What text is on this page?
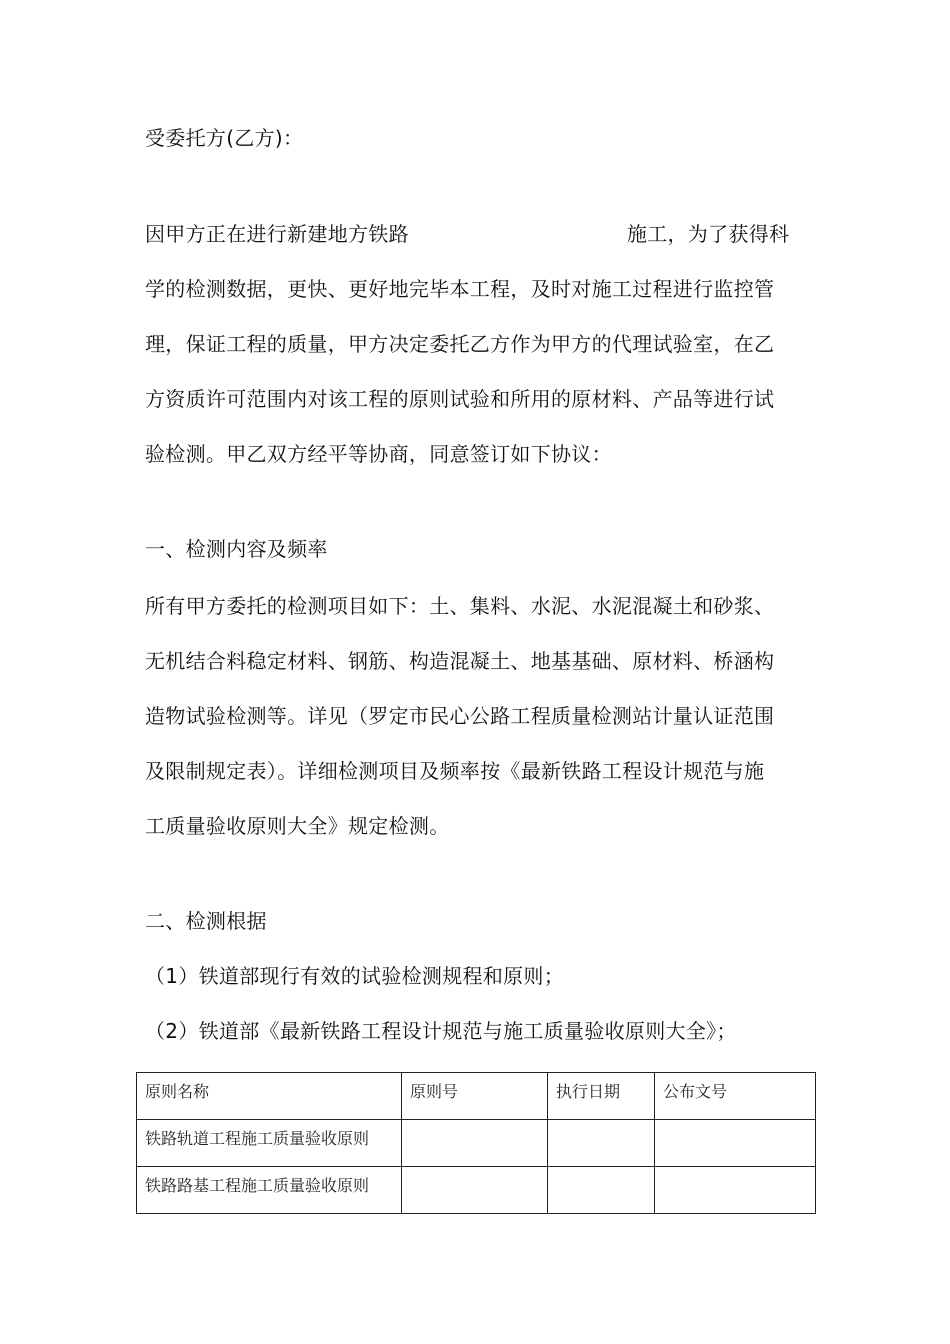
受委托方(乙方)：
因甲方正在进行新建地方铁路	施工，为了获得科
学的检测数据，更快、更好地完毕本工程，及时对施工过程进行监控管
理，保证工程的质量，甲方决定委托乙方作为甲方的代理试验室，在乙
方资质许可范围内对该工程的原则试验和所用的原材料、产品等进行试
验检测。甲乙双方经平等协商，同意签订如下协议：
一、检测内容及频率
所有甲方委托的检测项目如下：土、集料、水泥、水泥混凝土和砂浆、
无机结合料稳定材料、钢筋、构造混凝土、地基基础、原材料、桥涵构
造物试验检测等。详见（罗定市民心公路工程质量检测站计量认证范围
及限制规定表）。详细检测项目及频率按《最新铁路工程设计规范与施
工质量验收原则大全》规定检测。
二、检测根据
（1）铁道部现行有效的试验检测规程和原则；
（2）铁道部《最新铁路工程设计规范与施工质量验收原则大全》；
原则名称	原则号	执行日期	公布文号
铁路轨道工程施工质量验收原则			
铁路路基工程施工质量验收原则			
